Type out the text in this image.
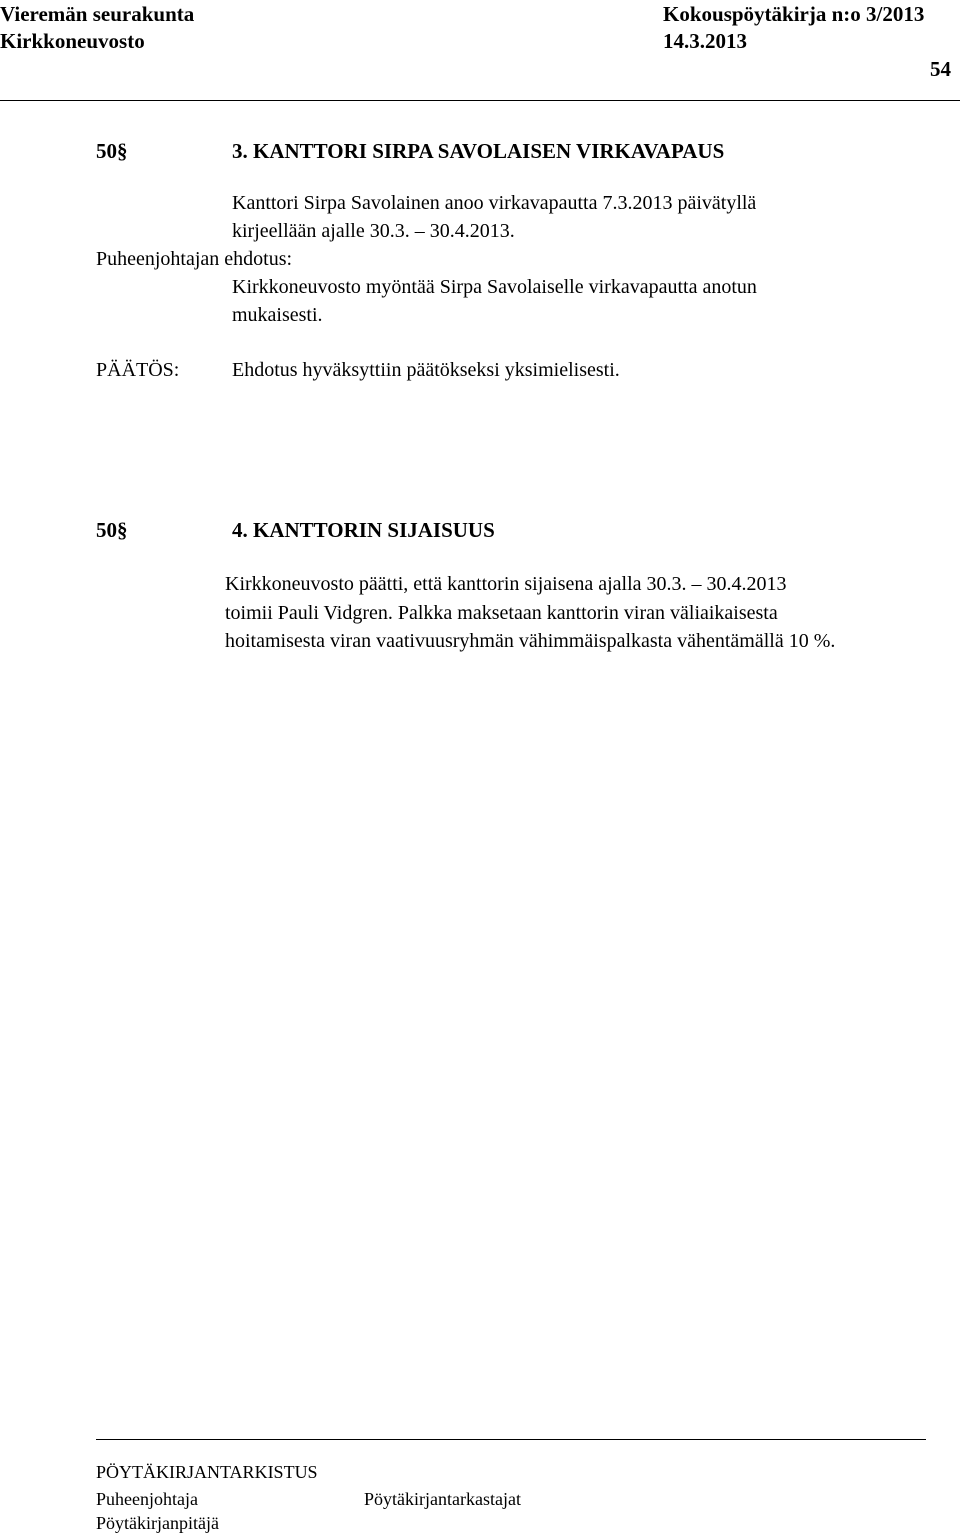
Vieremän seurakunta
Kirkkoneuvosto
Kokouspöytäkirja n:o 3/2013
14.3.2013
54
50§	3. KANTTORI SIRPA SAVOLAISEN VIRKAVAPAUS
Kanttori Sirpa Savolainen anoo virkavapautta 7.3.2013 päivätyllä
kirjeellään ajalle 30.3. – 30.4.2013.
Puheenjohtajan ehdotus:
Kirkkoneuvosto myöntää Sirpa Savolaiselle virkavapautta anotun
mukaisesti.
PÄÄTÖS:	Ehdotus hyväksyttiin päätökseksi yksimielisesti.
50§	4. KANTTORIN SIJAISUUS
Kirkkoneuvosto päätti, että kanttorin sijaisena ajalla 30.3. – 30.4.2013
toimii Pauli Vidgren. Palkka maksetaan kanttorin viran väliaikaisesta
hoitamisesta viran vaativuusryhmän vähimmäispalkasta vähentämällä 10 %.
PÖYTÄKIRJANTARKISTUS
Puheenjohtaja	Pöytäkirjantarkastajat
Pöytäkirjanpitäjä
